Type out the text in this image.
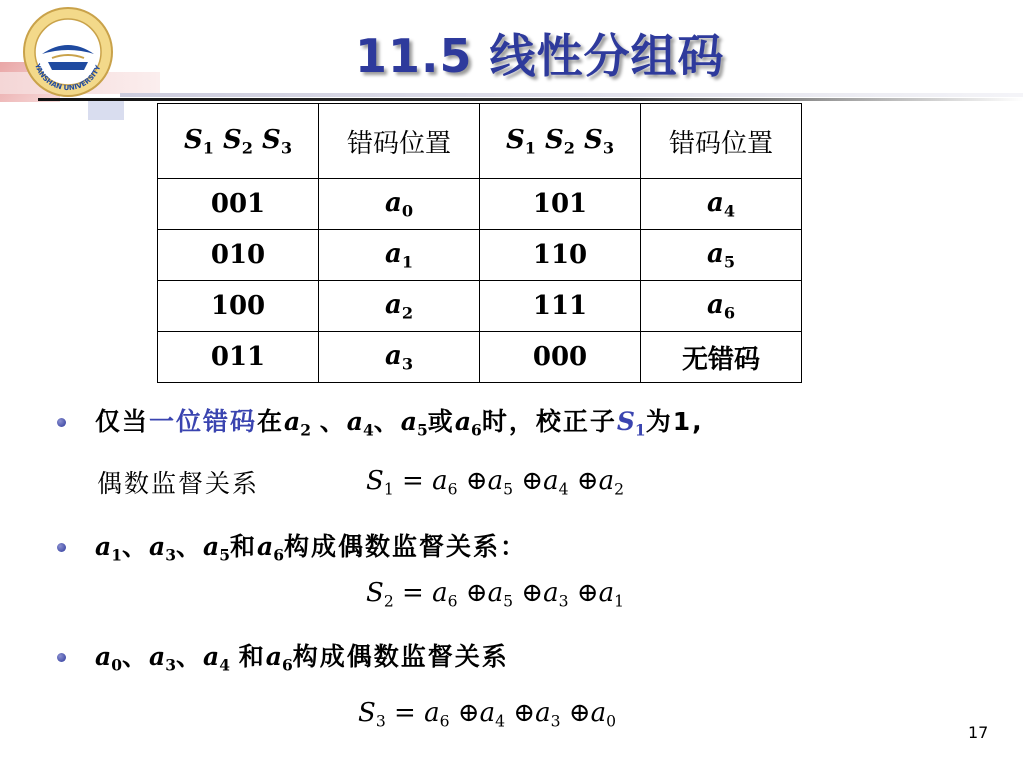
YANSHAN UNIVERSITY	11.5 线性分组码
$S_1$ $S_2$ $S_3$	错码位置	$S_1$ $S_2$ $S_3$	错码位置
001	$a_0$	101	$a_4$
010	$a_1$	110	$a_5$
100	$a_2$	111	$a_6$
011	$a_3$	000	无错码
仅当一位错码在$a_2$ 、$a_4$、$a_5$或$a_6$时，校正子$S_1$为1,
偶数监督关系	$S_1 = a_6$ $\oplus a_5$ $\oplus a_4$ $\oplus a_2$
$a_1$、$a_3$、$a_5$和$a_6$构成偶数监督关系：
$S_2 = a_6$ $\oplus a_5$ $\oplus a_3$ $\oplus a_1$
$a_0$、$a_3$、$a_4$ 和$a_6$构成偶数监督关系
$S_3 = a_6$ $\oplus a_4$ $\oplus a_3$ $\oplus a_0$
17
